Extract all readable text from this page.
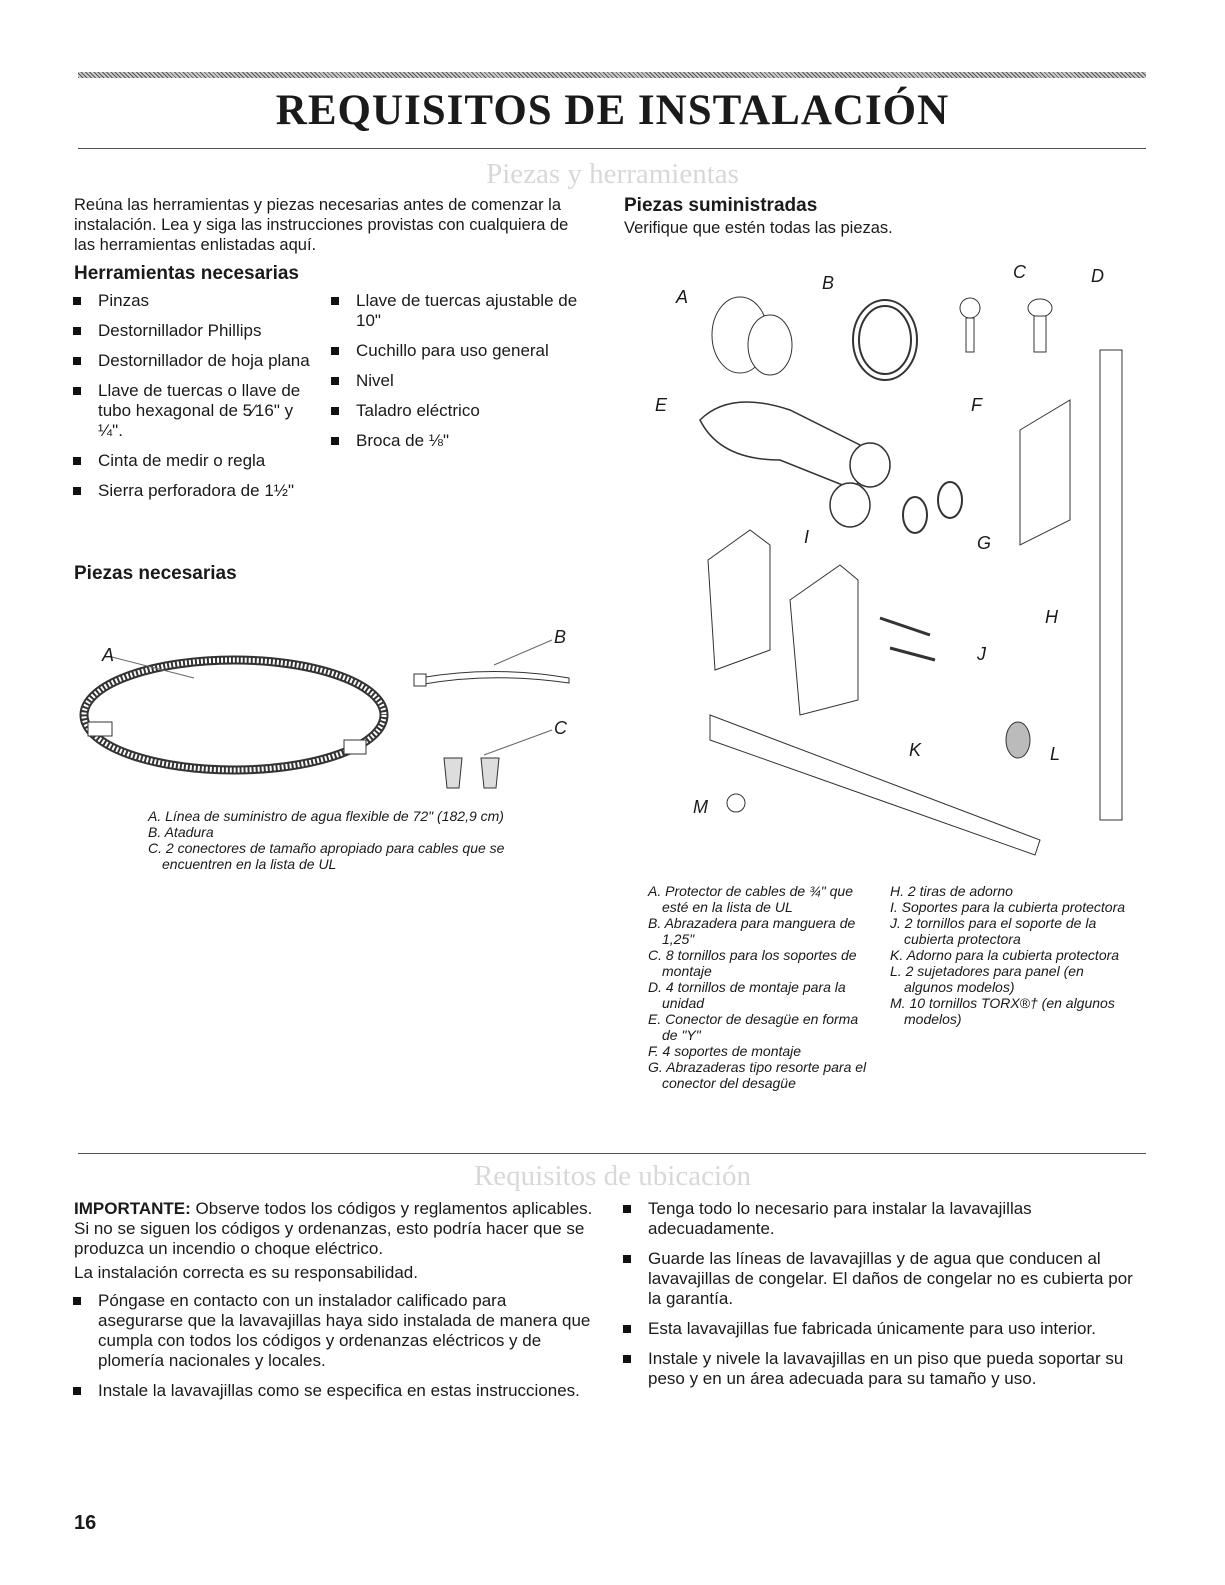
REQUISITOS DE INSTALACIÓN
Piezas y herramientas

Reúna las herramientas y piezas necesarias antes de comenzar la instalación. Lea y siga las instrucciones provistas con cualquiera de las herramientas enlistadas aquí.

Herramientas necesarias
Pinzas
Destornillador Phillips
Destornillador de hoja plana
Llave de tuercas o llave de tubo hexagonal de 5⁄16" y ¼".
Cinta de medir o regla
Sierra perforadora de 1½"
Llave de tuercas ajustable de 10"
Cuchillo para uso general
Nivel
Taladro eléctrico
Broca de ⅛"
Piezas necesarias
A
B
C
A. Línea de suministro de agua flexible de 72" (182,9 cm)
B. Atadura
C. 2 conectores de tamaño apropiado para cables que se encuentren en la lista de UL
Piezas suministradas
Verifique que estén todas las piezas.
A
B
C	D
E	F
G
H
I
J
K	L
M
A. Protector de cables de ¾" que esté en la lista de UL
B. Abrazadera para manguera de 1,25"
C. 8 tornillos para los soportes de montaje
D. 4 tornillos de montaje para la unidad
E. Conector de desagüe en forma de "Y"
F. 4 soportes de montaje
G. Abrazaderas tipo resorte para el conector del desagüe
H. 2 tiras de adorno
I. Soportes para la cubierta protectora
J. 2 tornillos para el soporte de la cubierta protectora
K. Adorno para la cubierta protectora
L. 2 sujetadores para panel (en algunos modelos)
M. 10 tornillos TORX®† (en algunos modelos)
Requisitos de ubicación

IMPORTANTE: Observe todos los códigos y reglamentos aplicables. Si no se siguen los códigos y ordenanzas, esto podría hacer que se produzca un incendio o choque eléctrico.

La instalación correcta es su responsabilidad.

Póngase en contacto con un instalador calificado para asegurarse que la lavavajillas haya sido instalada de manera que cumpla con todos los códigos y ordenanzas eléctricos y de plomería nacionales y locales.
Instale la lavavajillas como se especifica en estas instrucciones.
Tenga todo lo necesario para instalar la lavavajillas adecuadamente.
Guarde las líneas de lavavajillas y de agua que conducen al lavavajillas de congelar. El daños de congelar no es cubierta por la garantía.
Esta lavavajillas fue fabricada únicamente para uso interior.
Instale y nivele la lavavajillas en un piso que pueda soportar su peso y en un área adecuada para su tamaño y uso.
16
